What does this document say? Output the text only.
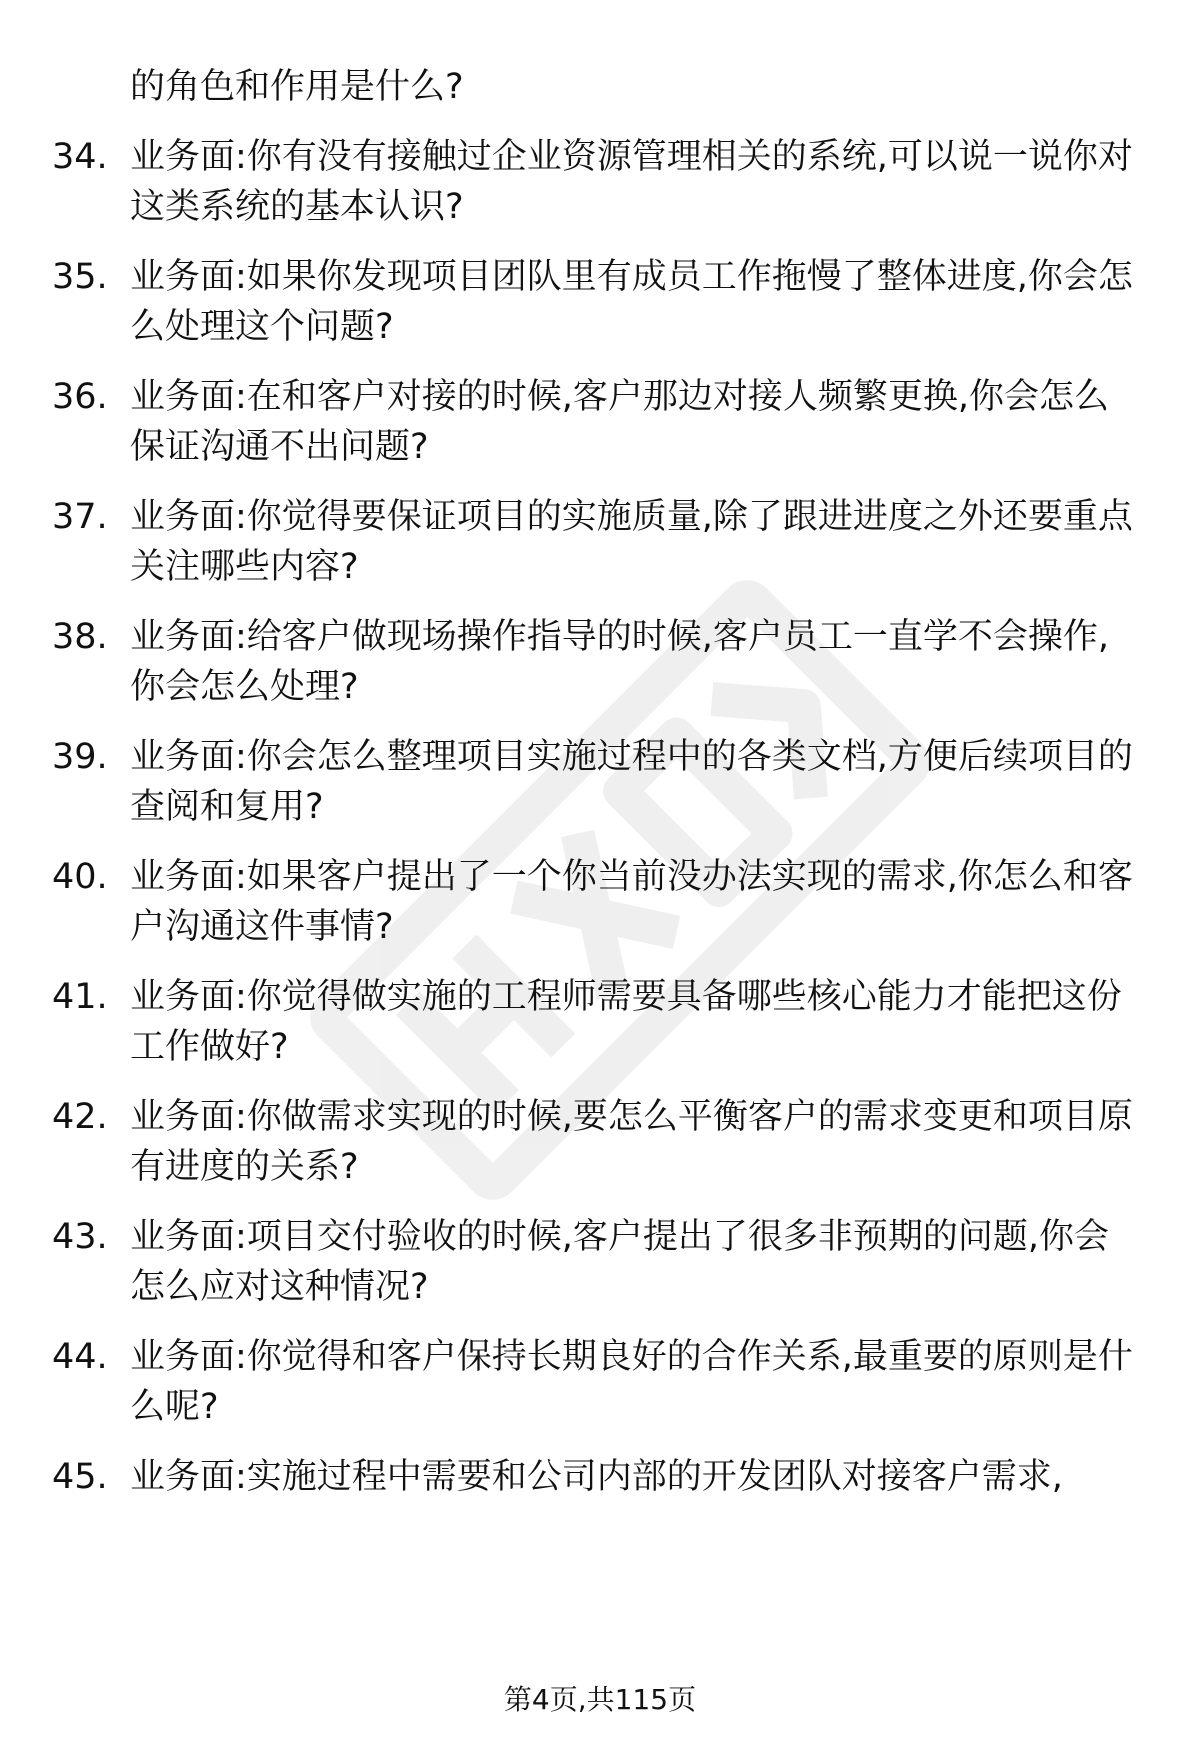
的角色和作用是什么?
34. 业务面:你有没有接触过企业资源管理相关的系统,可以说一说你对这类系统的基本认识?
35. 业务面:如果你发现项目团队里有成员工作拖慢了整体进度,你会怎么处理这个问题?
36. 业务面:在和客户对接的时候,客户那边对接人频繁更换,你会怎么保证沟通不出问题?
37. 业务面:你觉得要保证项目的实施质量,除了跟进进度之外还要重点关注哪些内容?
38. 业务面:给客户做现场操作指导的时候,客户员工一直学不会操作,你会怎么处理?
39. 业务面:你会怎么整理项目实施过程中的各类文档,方便后续项目的查阅和复用?
40. 业务面:如果客户提出了一个你当前没办法实现的需求,你怎么和客户沟通这件事情?
41. 业务面:你觉得做实施的工程师需要具备哪些核心能力才能把这份工作做好?
42. 业务面:你做需求实现的时候,要怎么平衡客户的需求变更和项目原有进度的关系?
43. 业务面:项目交付验收的时候,客户提出了很多非预期的问题,你会怎么应对这种情况?
44. 业务面:你觉得和客户保持长期良好的合作关系,最重要的原则是什么呢?
45. 业务面:实施过程中需要和公司内部的开发团队对接客户需求,
第4页,共115页
